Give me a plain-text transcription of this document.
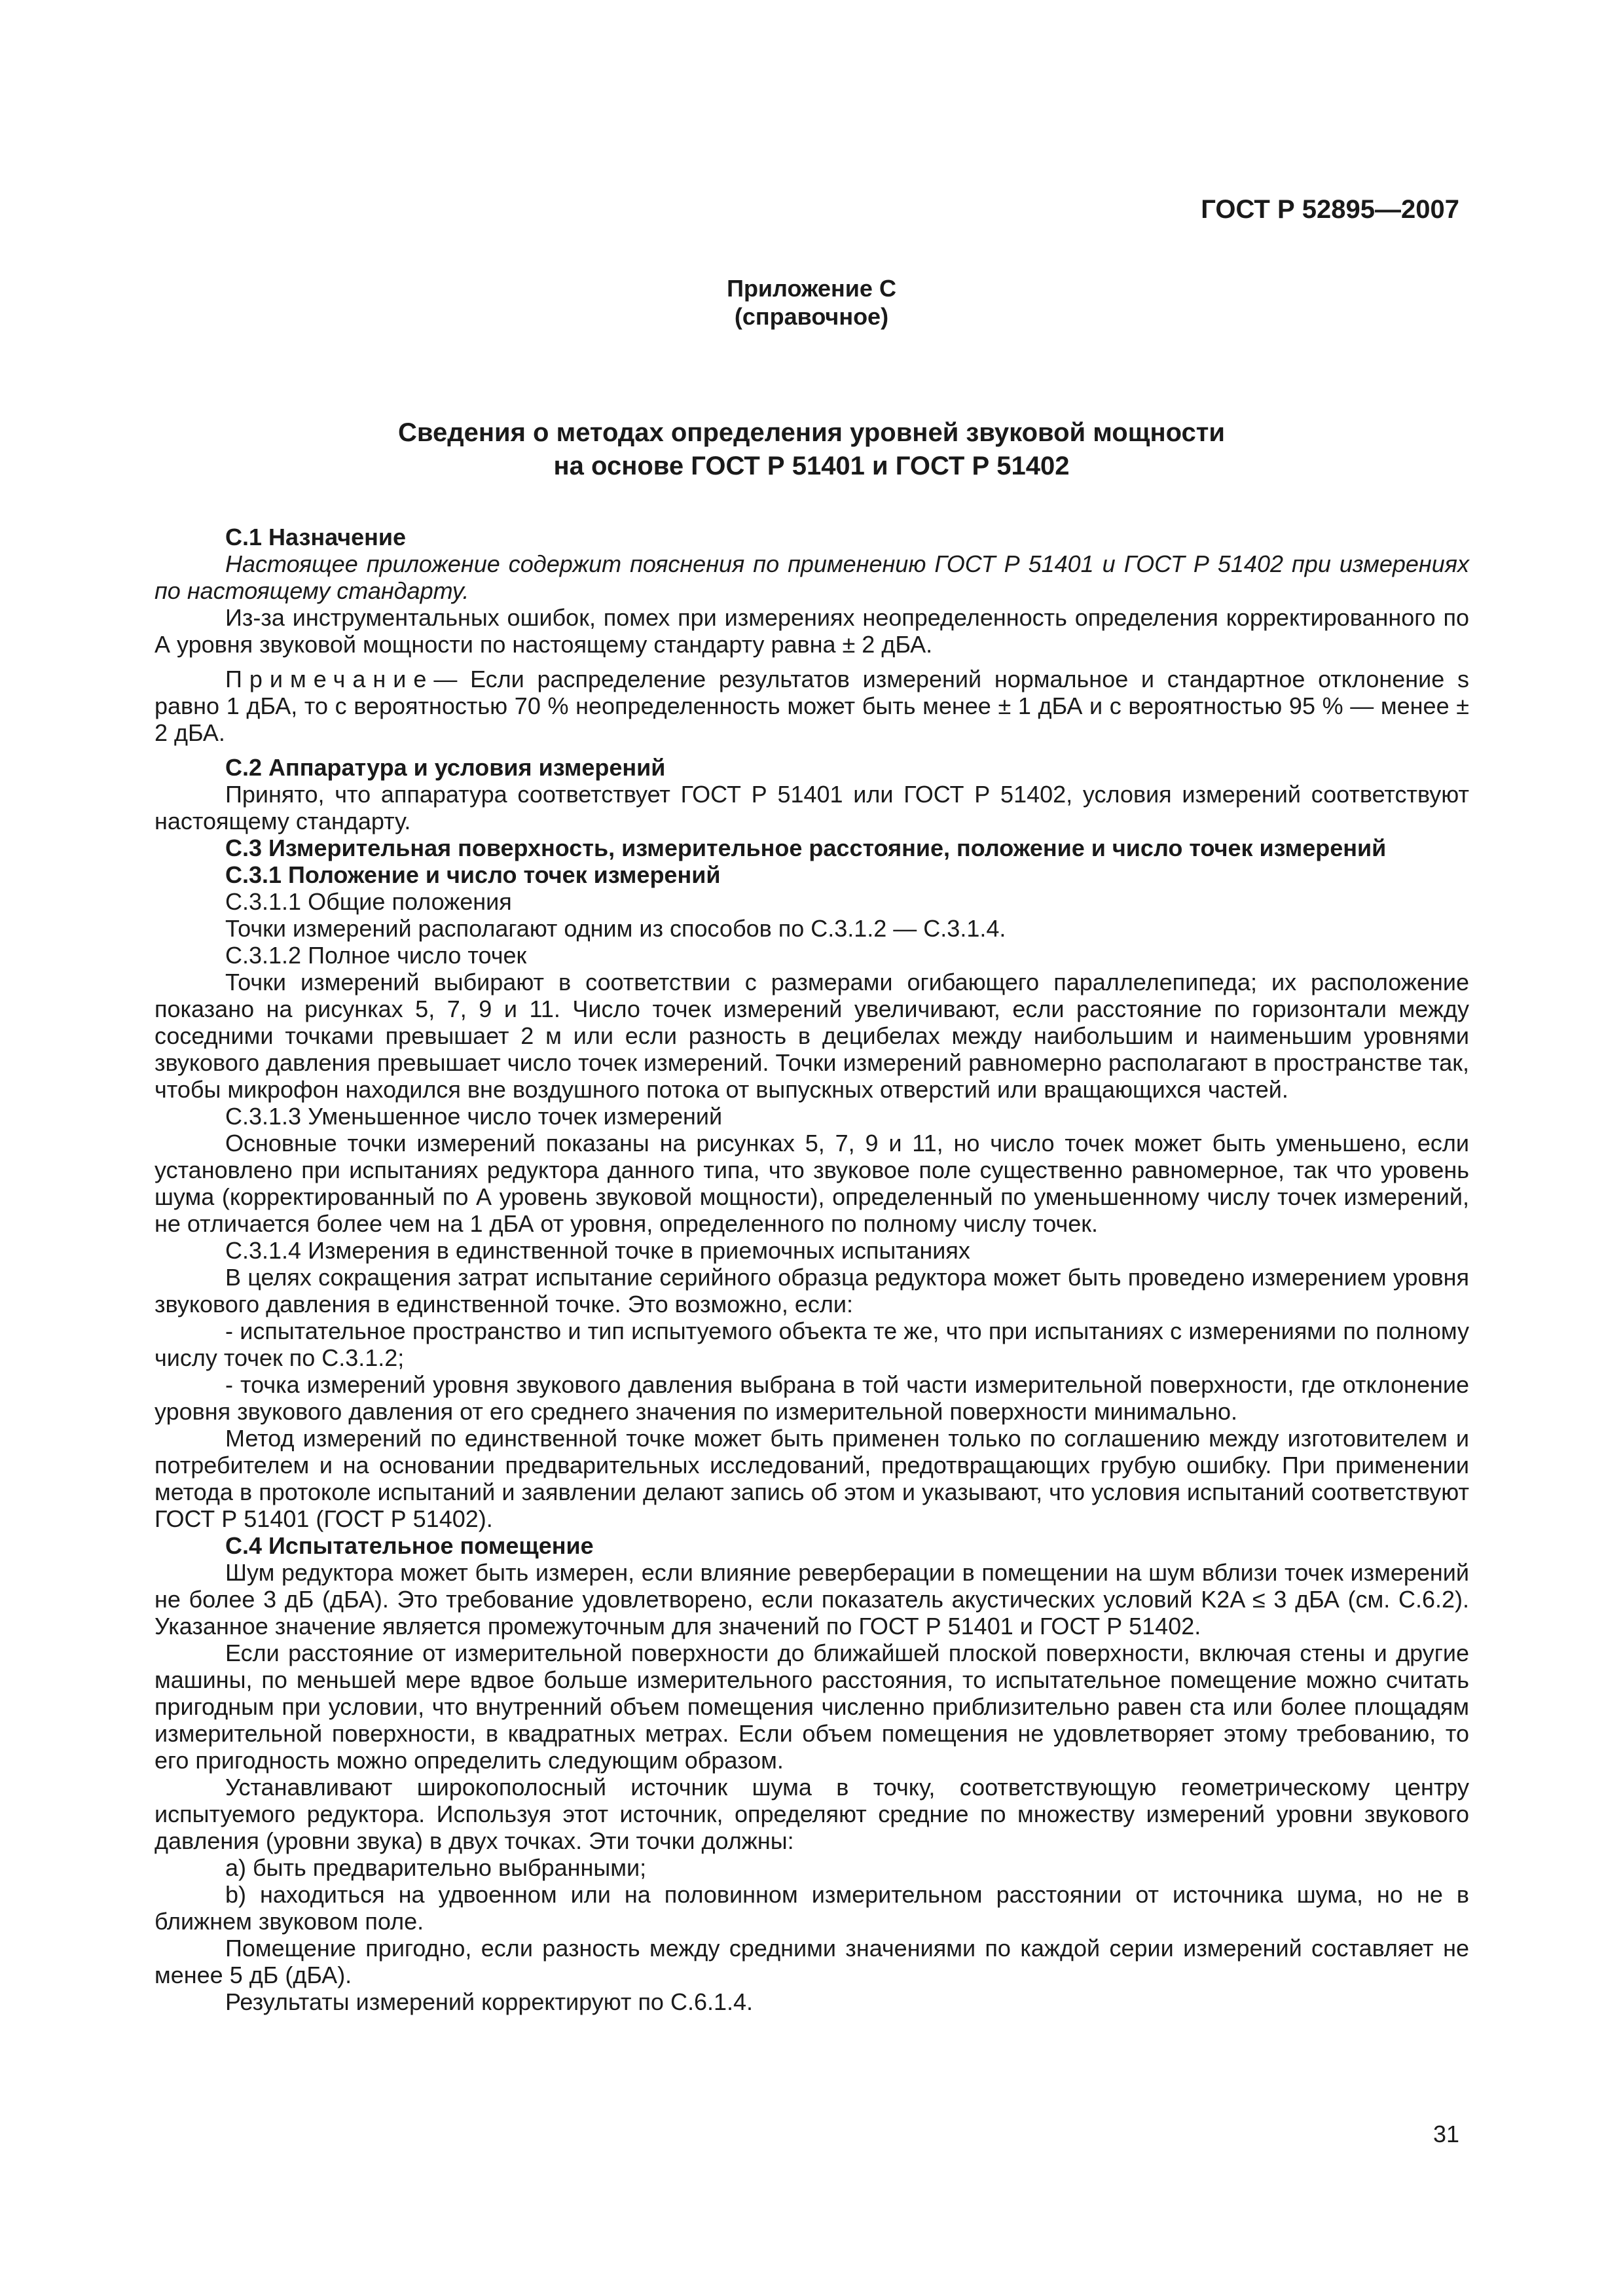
ГОСТ Р 52895—2007
Приложение С
(справочное)
Сведения о методах определения уровней звуковой мощности
на основе ГОСТ Р 51401 и ГОСТ Р 51402

С.1 Назначение

Настоящее приложение содержит пояснения по применению ГОСТ Р 51401 и ГОСТ Р 51402 при измерениях по настоящему стандарту.

Из-за инструментальных ошибок, помех при измерениях неопределенность определения корректированного по А уровня звуковой мощности по настоящему стандарту равна ± 2 дБА.

Примечание— Если распределение результатов измерений нормальное и стандартное отклонение s равно 1 дБА, то с вероятностью 70 % неопределенность может быть менее ± 1 дБА и с вероятностью 95 % — менее ± 2 дБА.

С.2 Аппаратура и условия измерений

Принято, что аппаратура соответствует ГОСТ Р 51401 или ГОСТ Р 51402, условия измерений соответствуют настоящему стандарту.

С.3 Измерительная поверхность, измерительное расстояние, положение и число точек измерений

С.3.1 Положение и число точек измерений

С.3.1.1 Общие положения

Точки измерений располагают одним из способов по С.3.1.2 — С.3.1.4.

С.3.1.2 Полное число точек

Точки измерений выбирают в соответствии с размерами огибающего параллелепипеда; их расположение показано на рисунках 5, 7, 9 и 11. Число точек измерений увеличивают, если расстояние по горизонтали между соседними точками превышает 2 м или если разность в децибелах между наибольшим и наименьшим уровнями звукового давления превышает число точек измерений. Точки измерений равномерно располагают в пространстве так, чтобы микрофон находился вне воздушного потока от выпускных отверстий или вращающихся частей.

С.3.1.3 Уменьшенное число точек измерений

Основные точки измерений показаны на рисунках 5, 7, 9 и 11, но число точек может быть уменьшено, если установлено при испытаниях редуктора данного типа, что звуковое поле существенно равномерное, так что уровень шума (корректированный по А уровень звуковой мощности), определенный по уменьшенному числу точек измерений, не отличается более чем на 1 дБА от уровня, определенного по полному числу точек.

С.3.1.4 Измерения в единственной точке в приемочных испытаниях

В целях сокращения затрат испытание серийного образца редуктора может быть проведено измерением уровня звукового давления в единственной точке. Это возможно, если:

- испытательное пространство и тип испытуемого объекта те же, что при испытаниях с измерениями по полному числу точек по С.3.1.2;

- точка измерений уровня звукового давления выбрана в той части измерительной поверхности, где отклонение уровня звукового давления от его среднего значения по измерительной поверхности минимально.

Метод измерений по единственной точке может быть применен только по соглашению между изготовителем и потребителем и на основании предварительных исследований, предотвращающих грубую ошибку. При применении метода в протоколе испытаний и заявлении делают запись об этом и указывают, что условия испытаний соответствуют ГОСТ Р 51401 (ГОСТ Р 51402).

С.4 Испытательное помещение

Шум редуктора может быть измерен, если влияние реверберации в помещении на шум вблизи точек измерений не более 3 дБ (дБА). Это требование удовлетворено, если показатель акустических условий K2A ≤ 3 дБА (см. С.6.2). Указанное значение является промежуточным для значений по ГОСТ Р 51401 и ГОСТ Р 51402.

Если расстояние от измерительной поверхности до ближайшей плоской поверхности, включая стены и другие машины, по меньшей мере вдвое больше измерительного расстояния, то испытательное помещение можно считать пригодным при условии, что внутренний объем помещения численно приблизительно равен ста или более площадям измерительной поверхности, в квадратных метрах. Если объем помещения не удовлетворяет этому требованию, то его пригодность можно определить следующим образом.

Устанавливают широкополосный источник шума в точку, соответствующую геометрическому центру испытуемого редуктора. Используя этот источник, определяют средние по множеству измерений уровни звукового давления (уровни звука) в двух точках. Эти точки должны:

а) быть предварительно выбранными;

b) находиться на удвоенном или на половинном измерительном расстоянии от источника шума, но не в ближнем звуковом поле.

Помещение пригодно, если разность между средними значениями по каждой серии измерений составляет не менее 5 дБ (дБА).

Результаты измерений корректируют по С.6.1.4.

31
